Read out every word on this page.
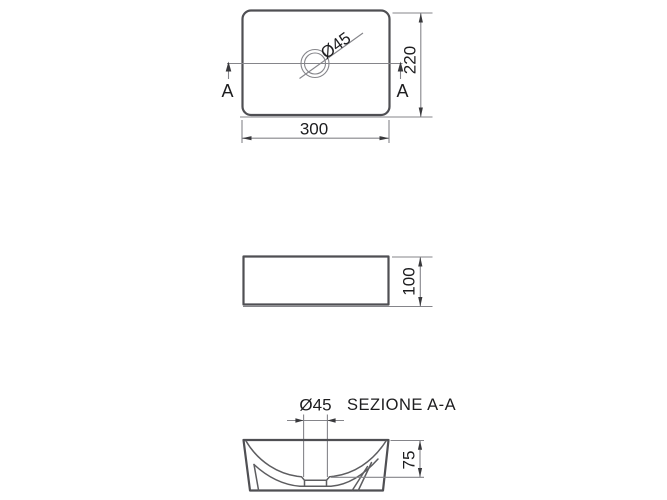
Ø45
A	A
300
220
100
SEZIONE A-A
Ø45
75
